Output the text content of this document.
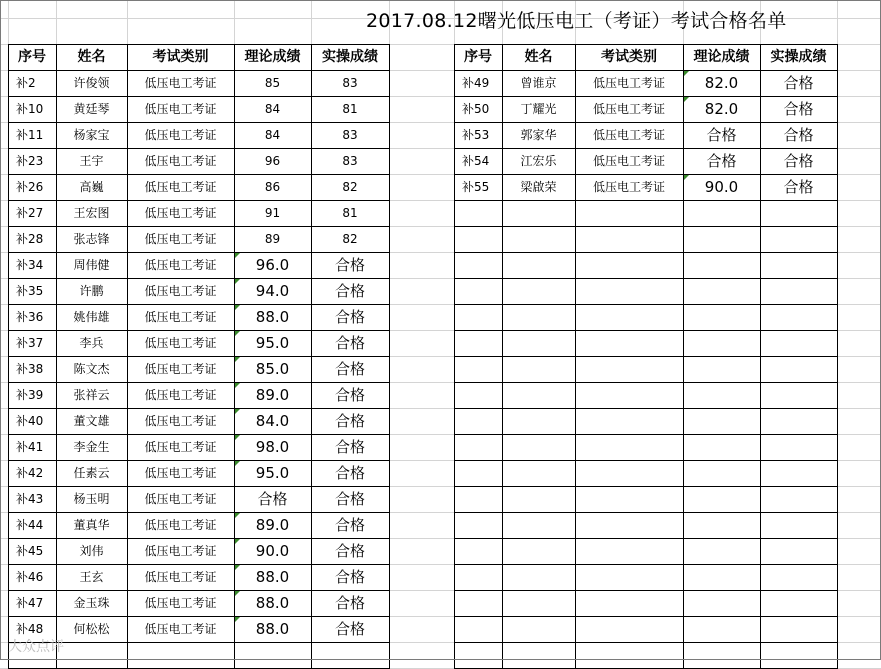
2017.08.12曙光低压电工（考证）考试合格名单
序号	姓名	考试类别	理论成绩	实操成绩
补2	许俊领	低压电工考证	85	83
补10	黄廷琴	低压电工考证	84	81
补11	杨家宝	低压电工考证	84	83
补23	王宇	低压电工考证	96	83
补26	高巍	低压电工考证	86	82
补27	王宏图	低压电工考证	91	81
补28	张志锋	低压电工考证	89	82
补34	周伟健	低压电工考证	96.0	合格
补35	许鹏	低压电工考证	94.0	合格
补36	姚伟雄	低压电工考证	88.0	合格
补37	李兵	低压电工考证	95.0	合格
补38	陈文杰	低压电工考证	85.0	合格
补39	张祥云	低压电工考证	89.0	合格
补40	董文雄	低压电工考证	84.0	合格
补41	李金生	低压电工考证	98.0	合格
补42	任素云	低压电工考证	95.0	合格
补43	杨玉明	低压电工考证	合格	合格
补44	董真华	低压电工考证	89.0	合格
补45	刘伟	低压电工考证	90.0	合格
补46	王玄	低压电工考证	88.0	合格
补47	金玉珠	低压电工考证	88.0	合格
补48	何松松	低压电工考证	88.0	合格
序号	姓名	考试类别	理论成绩	实操成绩
补49	曾谁京	低压电工考证	82.0	合格
补50	丁耀光	低压电工考证	82.0	合格
补53	郭家华	低压电工考证	合格	合格
补54	江宏乐	低压电工考证	合格	合格
补55	梁啟荣	低压电工考证	90.0	合格
大众点评
